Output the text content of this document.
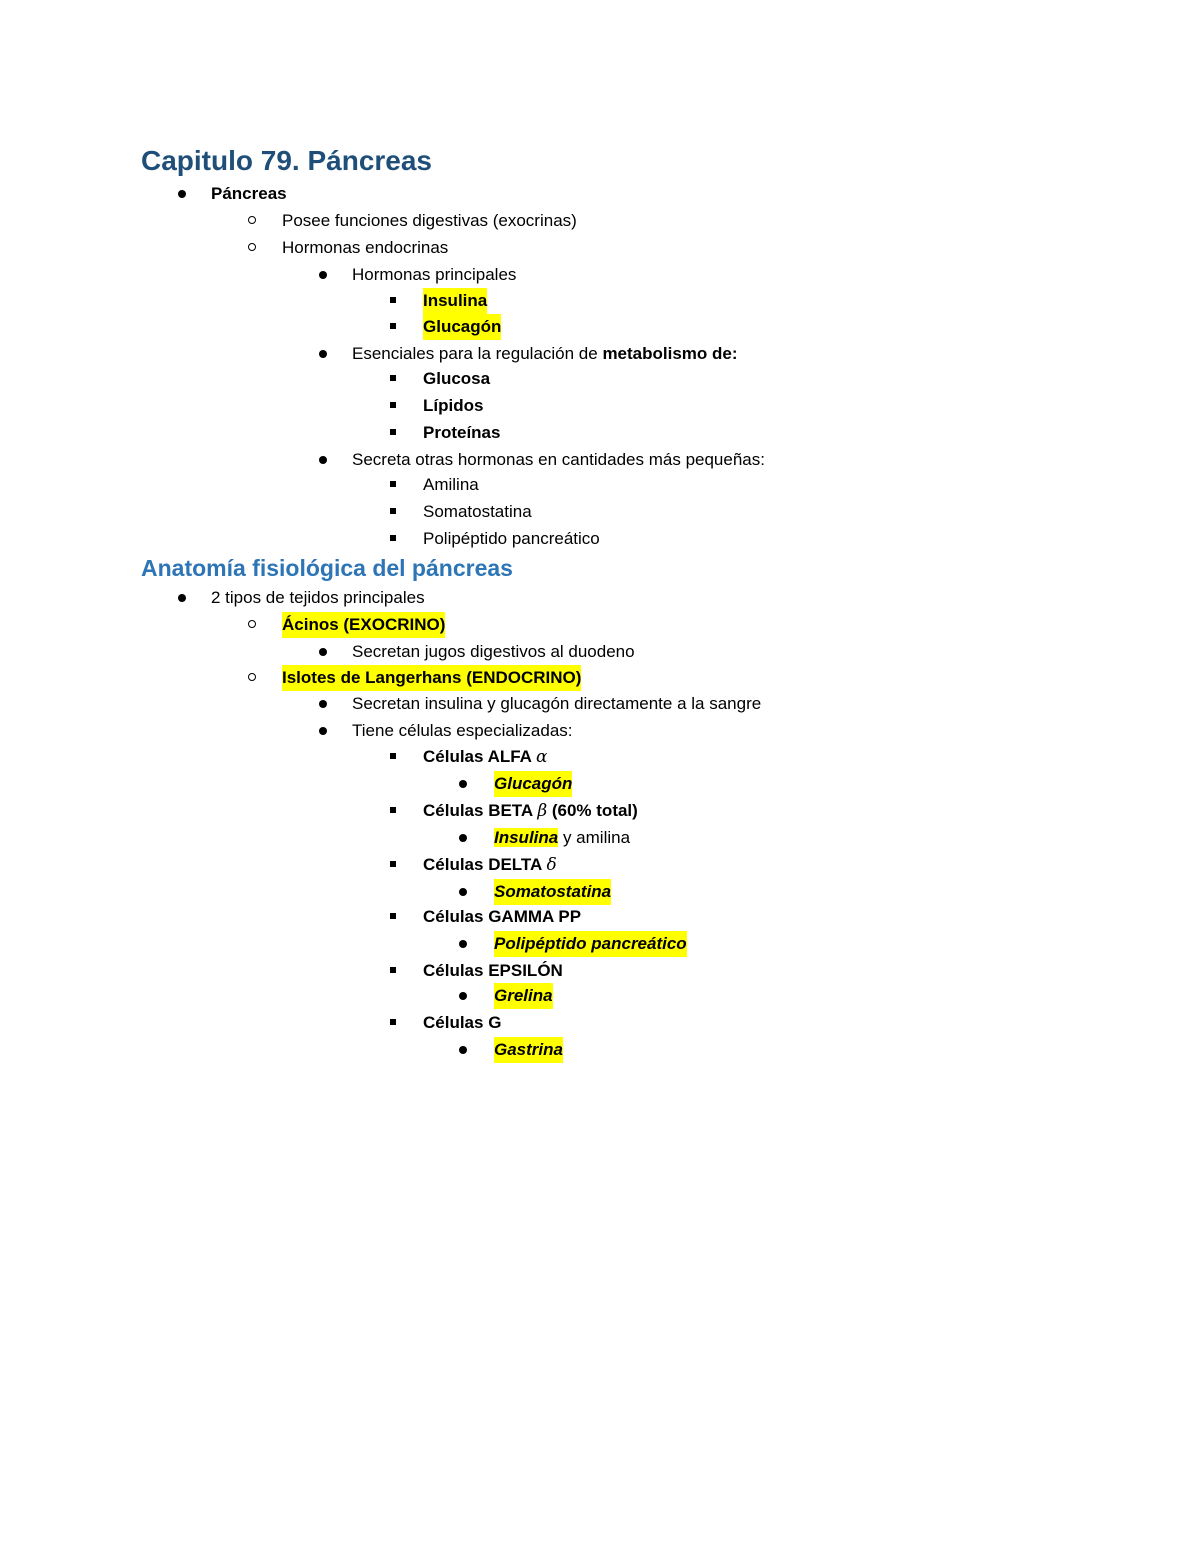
Capitulo 79. Páncreas
Páncreas
Posee funciones digestivas (exocrinas)
Hormonas endocrinas
Hormonas principales
Insulina
Glucagón
Esenciales para la regulación de metabolismo de:
Glucosa
Lípidos
Proteínas
Secreta otras hormonas en cantidades más pequeñas:
Amilina
Somatostatina
Polipéptido pancreático
Anatomía fisiológica del páncreas
2 tipos de tejidos principales
Ácinos (EXOCRINO)
Secretan jugos digestivos al duodeno
Islotes de Langerhans (ENDOCRINO)
Secretan insulina y glucagón directamente a la sangre
Tiene células especializadas:
Células ALFA α
Glucagón
Células BETA β (60% total)
Insulina y amilina
Células DELTA δ
Somatostatina
Células GAMMA PP
Polipéptido pancreático
Células EPSILÓN
Grelina
Células G
Gastrina
